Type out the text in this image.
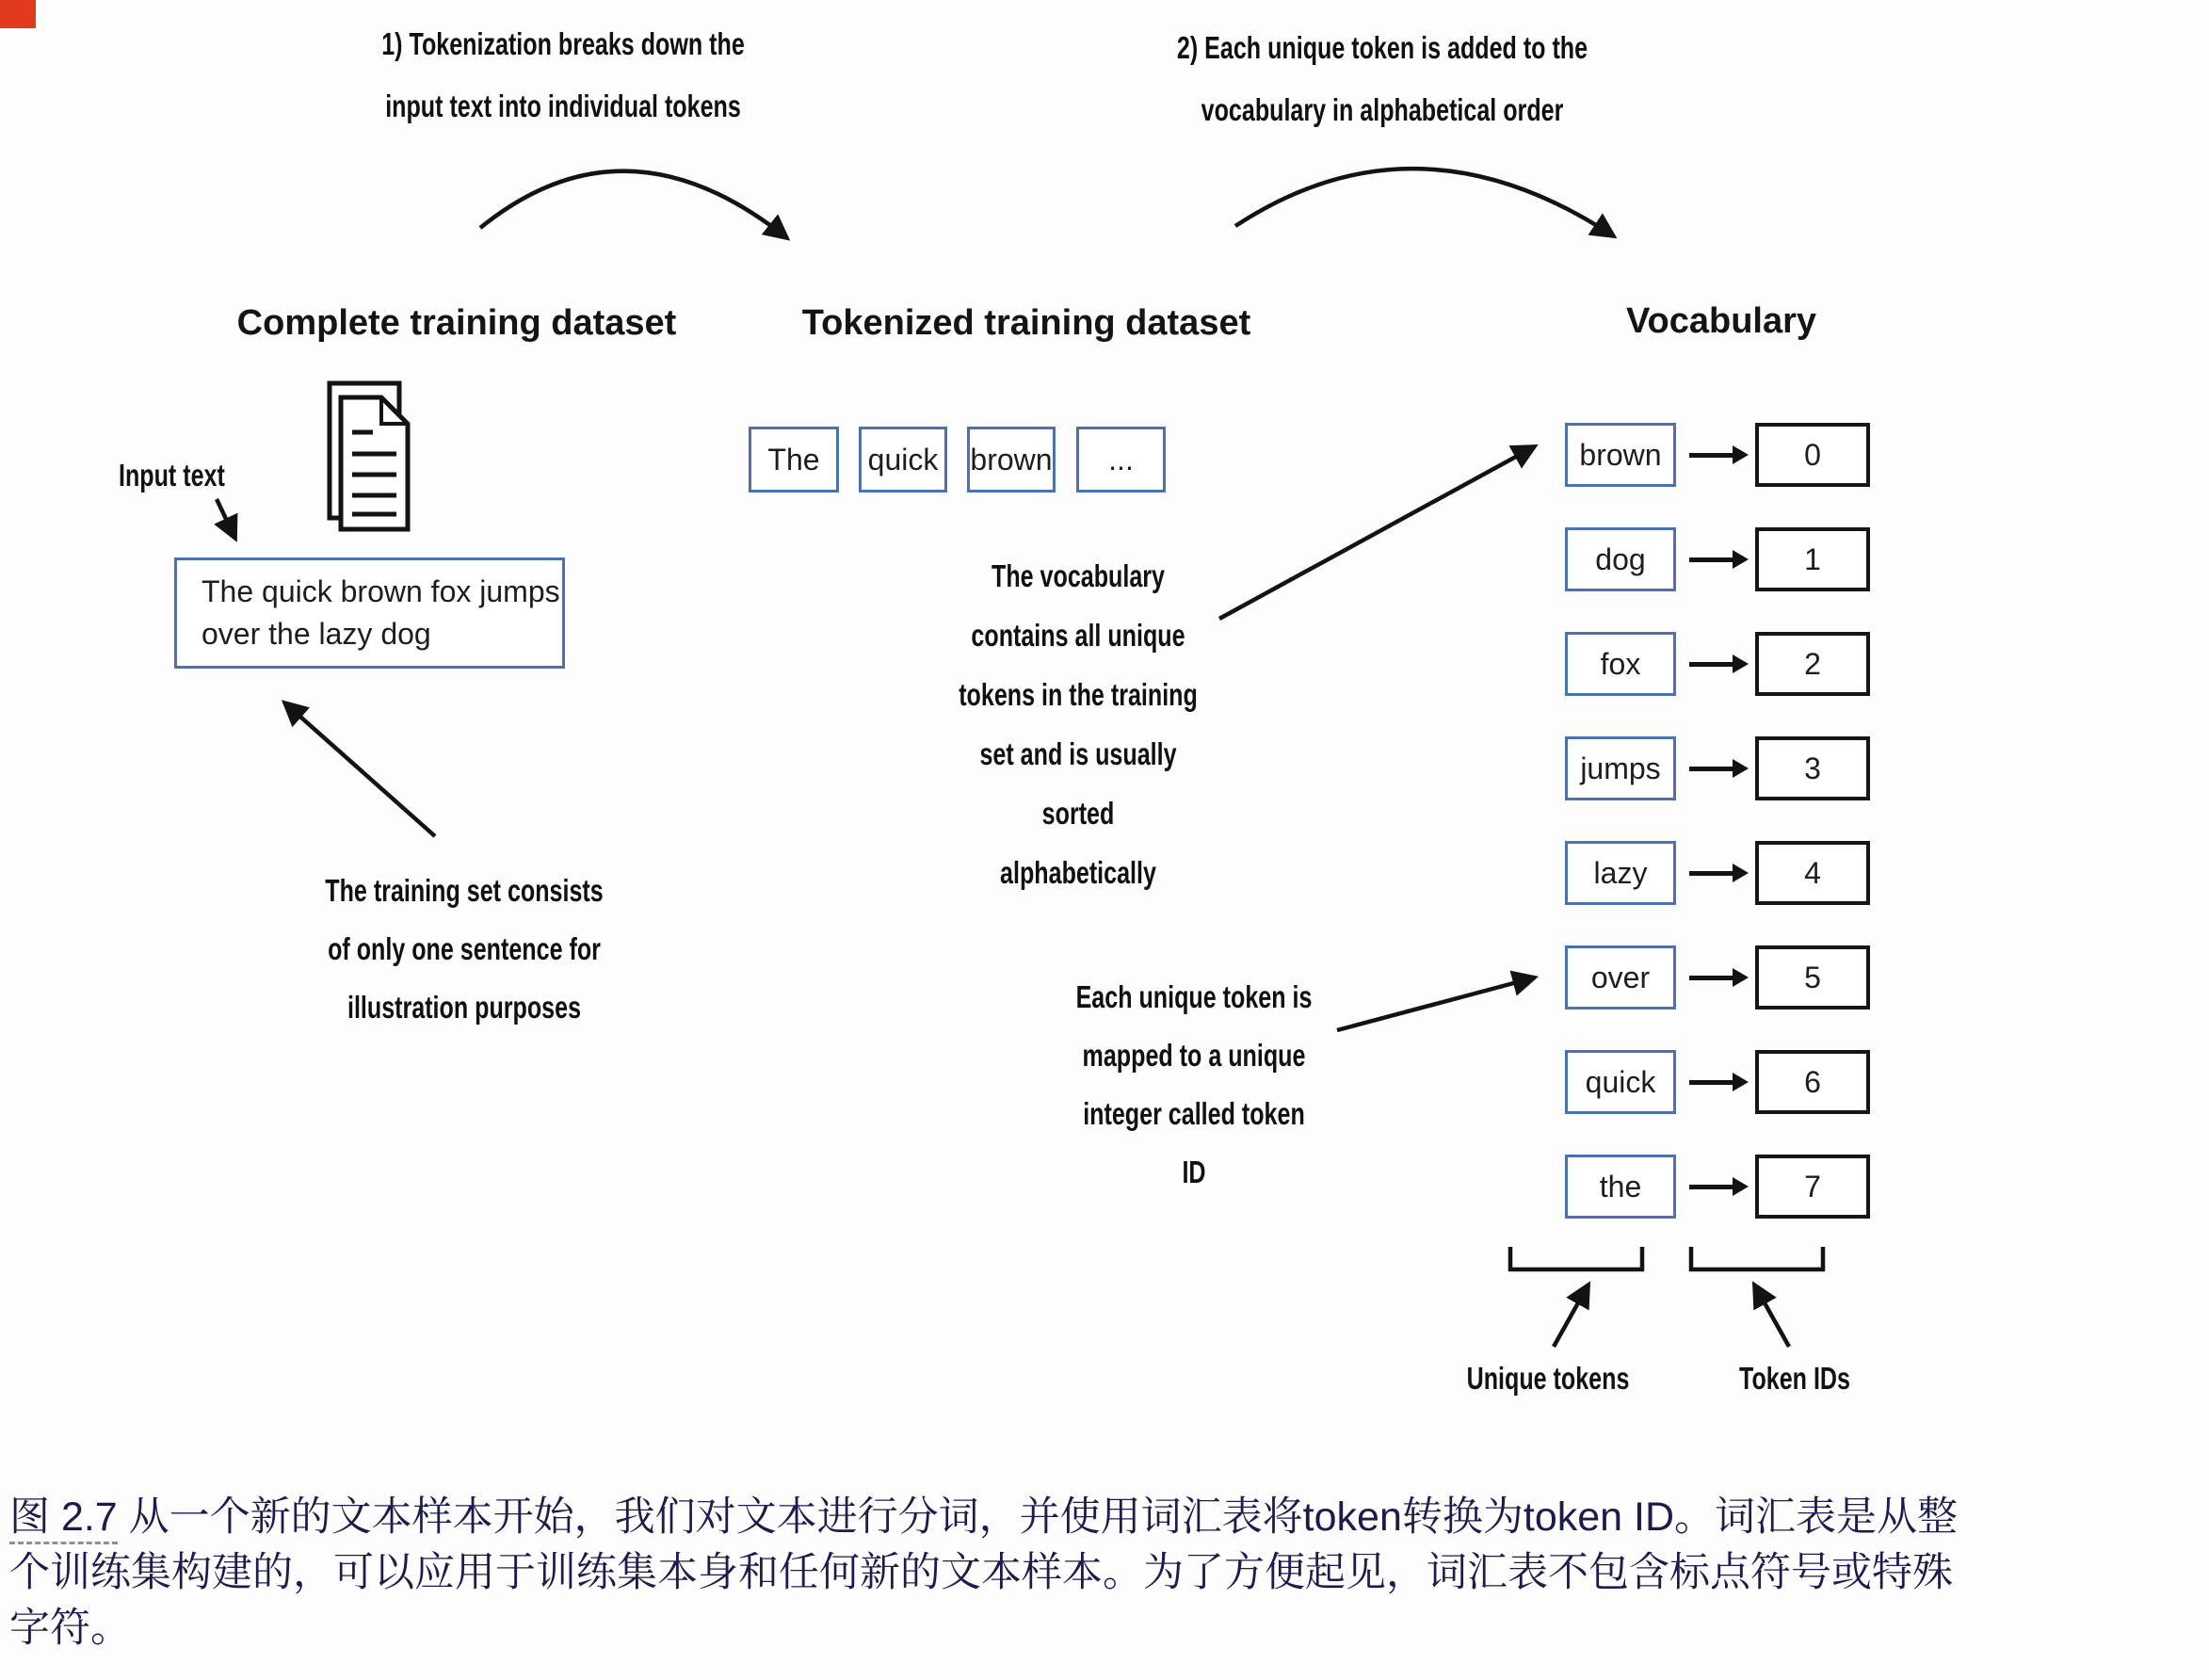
1) Tokenization breaks down the
input text into individual tokens
2) Each unique token is added to the
vocabulary in alphabetical order
Complete training dataset	Tokenized training dataset	Vocabulary
Input text
The quick brown fox jumps
over the lazy dog
The training set consists
of only one sentence for
illustration purposes
The	quick	brown	...
The vocabulary
contains all unique
tokens in the training
set and is usually
sorted
alphabetically
Each unique token is
mapped to a unique
integer called token
ID
brown	0
dog	1
fox	2
jumps	3
lazy	4
over	5
quick	6
the	7
Unique tokens	Token IDs
图 2.7 从一个新的文本样本开始，我们对文本进行分词，并使用词汇表将token转换为token ID。词汇表是从整
个训练集构建的，可以应用于训练集本身和任何新的文本样本。为了方便起见，词汇表不包含标点符号或特殊
字符。
